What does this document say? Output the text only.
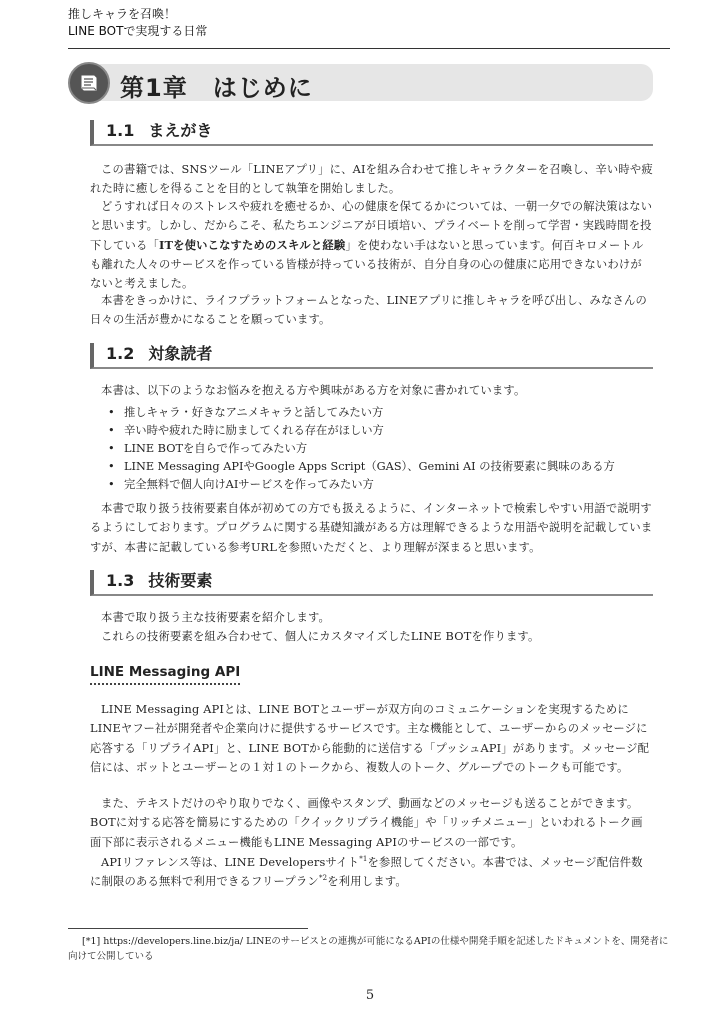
推しキャラを召喚！
LINE BOTで実現する日常
第1章　はじめに
1.1 まえがき

この書籍では、SNSツール「LINEアプリ」に、AIを組み合わせて推しキャラクターを召喚し、辛い時や疲れた時に癒しを得ることを目的として執筆を開始しました。

どうすれば日々のストレスや疲れを癒せるか、心の健康を保てるかについては、一朝一夕での解決策はないと思います。しかし、だからこそ、私たちエンジニアが日頃培い、プライベートを削って学習・実践時間を投下している「ITを使いこなすためのスキルと経験」を使わない手はないと思っています。何百キロメートルも離れた人々のサービスを作っている皆様が持っている技術が、自分自身の心の健康に応用できないわけがないと考えました。

本書をきっかけに、ライフプラットフォームとなった、LINEアプリに推しキャラを呼び出し、みなさんの日々の生活が豊かになることを願っています。

1.2 対象読者

本書は、以下のようなお悩みを抱える方や興味がある方を対象に書かれています。

• 推しキャラ・好きなアニメキャラと話してみたい方
• 辛い時や疲れた時に励ましてくれる存在がほしい方
• LINE BOTを自らで作ってみたい方
• LINE Messaging APIやGoogle Apps Script（GAS）、Gemini AI の技術要素に興味のある方
• 完全無料で個人向けAIサービスを作ってみたい方

本書で取り扱う技術要素自体が初めての方でも扱えるように、インターネットで検索しやすい用語で説明するようにしております。プログラムに関する基礎知識がある方は理解できるような用語や説明を記載していますが、本書に記載している参考URLを参照いただくと、より理解が深まると思います。

1.3 技術要素

本書で取り扱う主な技術要素を紹介します。

これらの技術要素を組み合わせて、個人にカスタマイズしたLINE BOTを作ります。

LINE Messaging API

LINE Messaging APIとは、LINE BOTとユーザーが双方向のコミュニケーションを実現するためにLINEヤフー社が開発者や企業向けに提供するサービスです。主な機能として、ユーザーからのメッセージに応答する「リプライAPI」と、LINE BOTから能動的に送信する「プッシュAPI」があります。メッセージ配信には、ボットとユーザーとの１対１のトークから、複数人のトーク、グループでのトークも可能です。

また、テキストだけのやり取りでなく、画像やスタンプ、動画などのメッセージも送ることができます。BOTに対する応答を簡易にするための「クイックリプライ機能」や「リッチメニュー」といわれるトーク画面下部に表示されるメニュー機能もLINE Messaging APIのサービスの一部です。

APIリファレンス等は、LINE Developersサイト$^{*1}$を参照してください。本書では、メッセージ配信件数に制限のある無料で利用できるフリープラン$^{*2}$を利用します。

[*1] https://developers.line.biz/ja/ LINEのサービスとの連携が可能になるAPIの仕様や開発手順を記述したドキュメントを、開発者に向けて公開している

5
